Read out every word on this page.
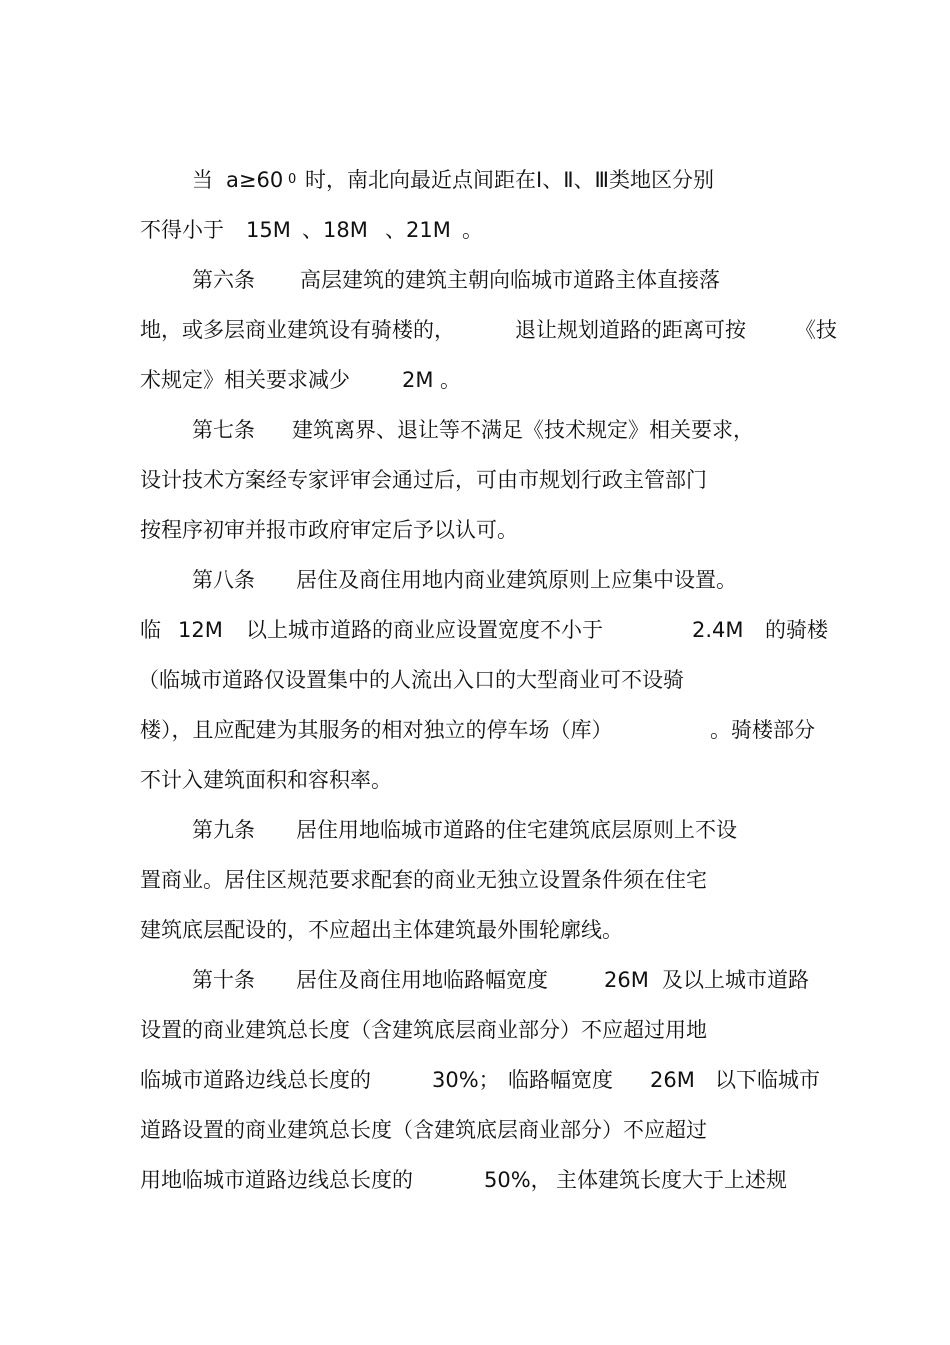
当 a≥60 0 时，南北向最近点间距在Ⅰ、Ⅱ、Ⅲ类地区分别
不得小于 15M 、18M 、21M 。
第六条 高层建筑的建筑主朝向临城市道路主体直接落
地，或多层商业建筑设有骑楼的，	退让规划道路的距离可按 《技
术规定》相关要求减少 2M 。
第七条 建筑离界、退让等不满足《技术规定》相关要求，
设计技术方案经专家评审会通过后，可由市规划行政主管部门
按程序初审并报市政府审定后予以认可。
第八条 居住及商住用地内商业建筑原则上应集中设置。
临 12M 以上城市道路的商业应设置宽度不小于	2.4M 的骑楼
（临城市道路仅设置集中的人流出入口的大型商业可不设骑
楼），且应配建为其服务的相对独立的停车场（库）	。骑楼部分
不计入建筑面积和容积率。
第九条 居住用地临城市道路的住宅建筑底层原则上不设
置商业。居住区规范要求配套的商业无独立设置条件须在住宅
建筑底层配设的，不应超出主体建筑最外围轮廓线。
第十条 居住及商住用地临路幅宽度	26M 及以上城市道路
设置的商业建筑总长度（含建筑底层商业部分）不应超过用地
临城市道路边线总长度的	30%； 临路幅宽度 26M 以下临城市
道路设置的商业建筑总长度（含建筑底层商业部分）不应超过
用地临城市道路边线总长度的	50%， 主体建筑长度大于上述规
